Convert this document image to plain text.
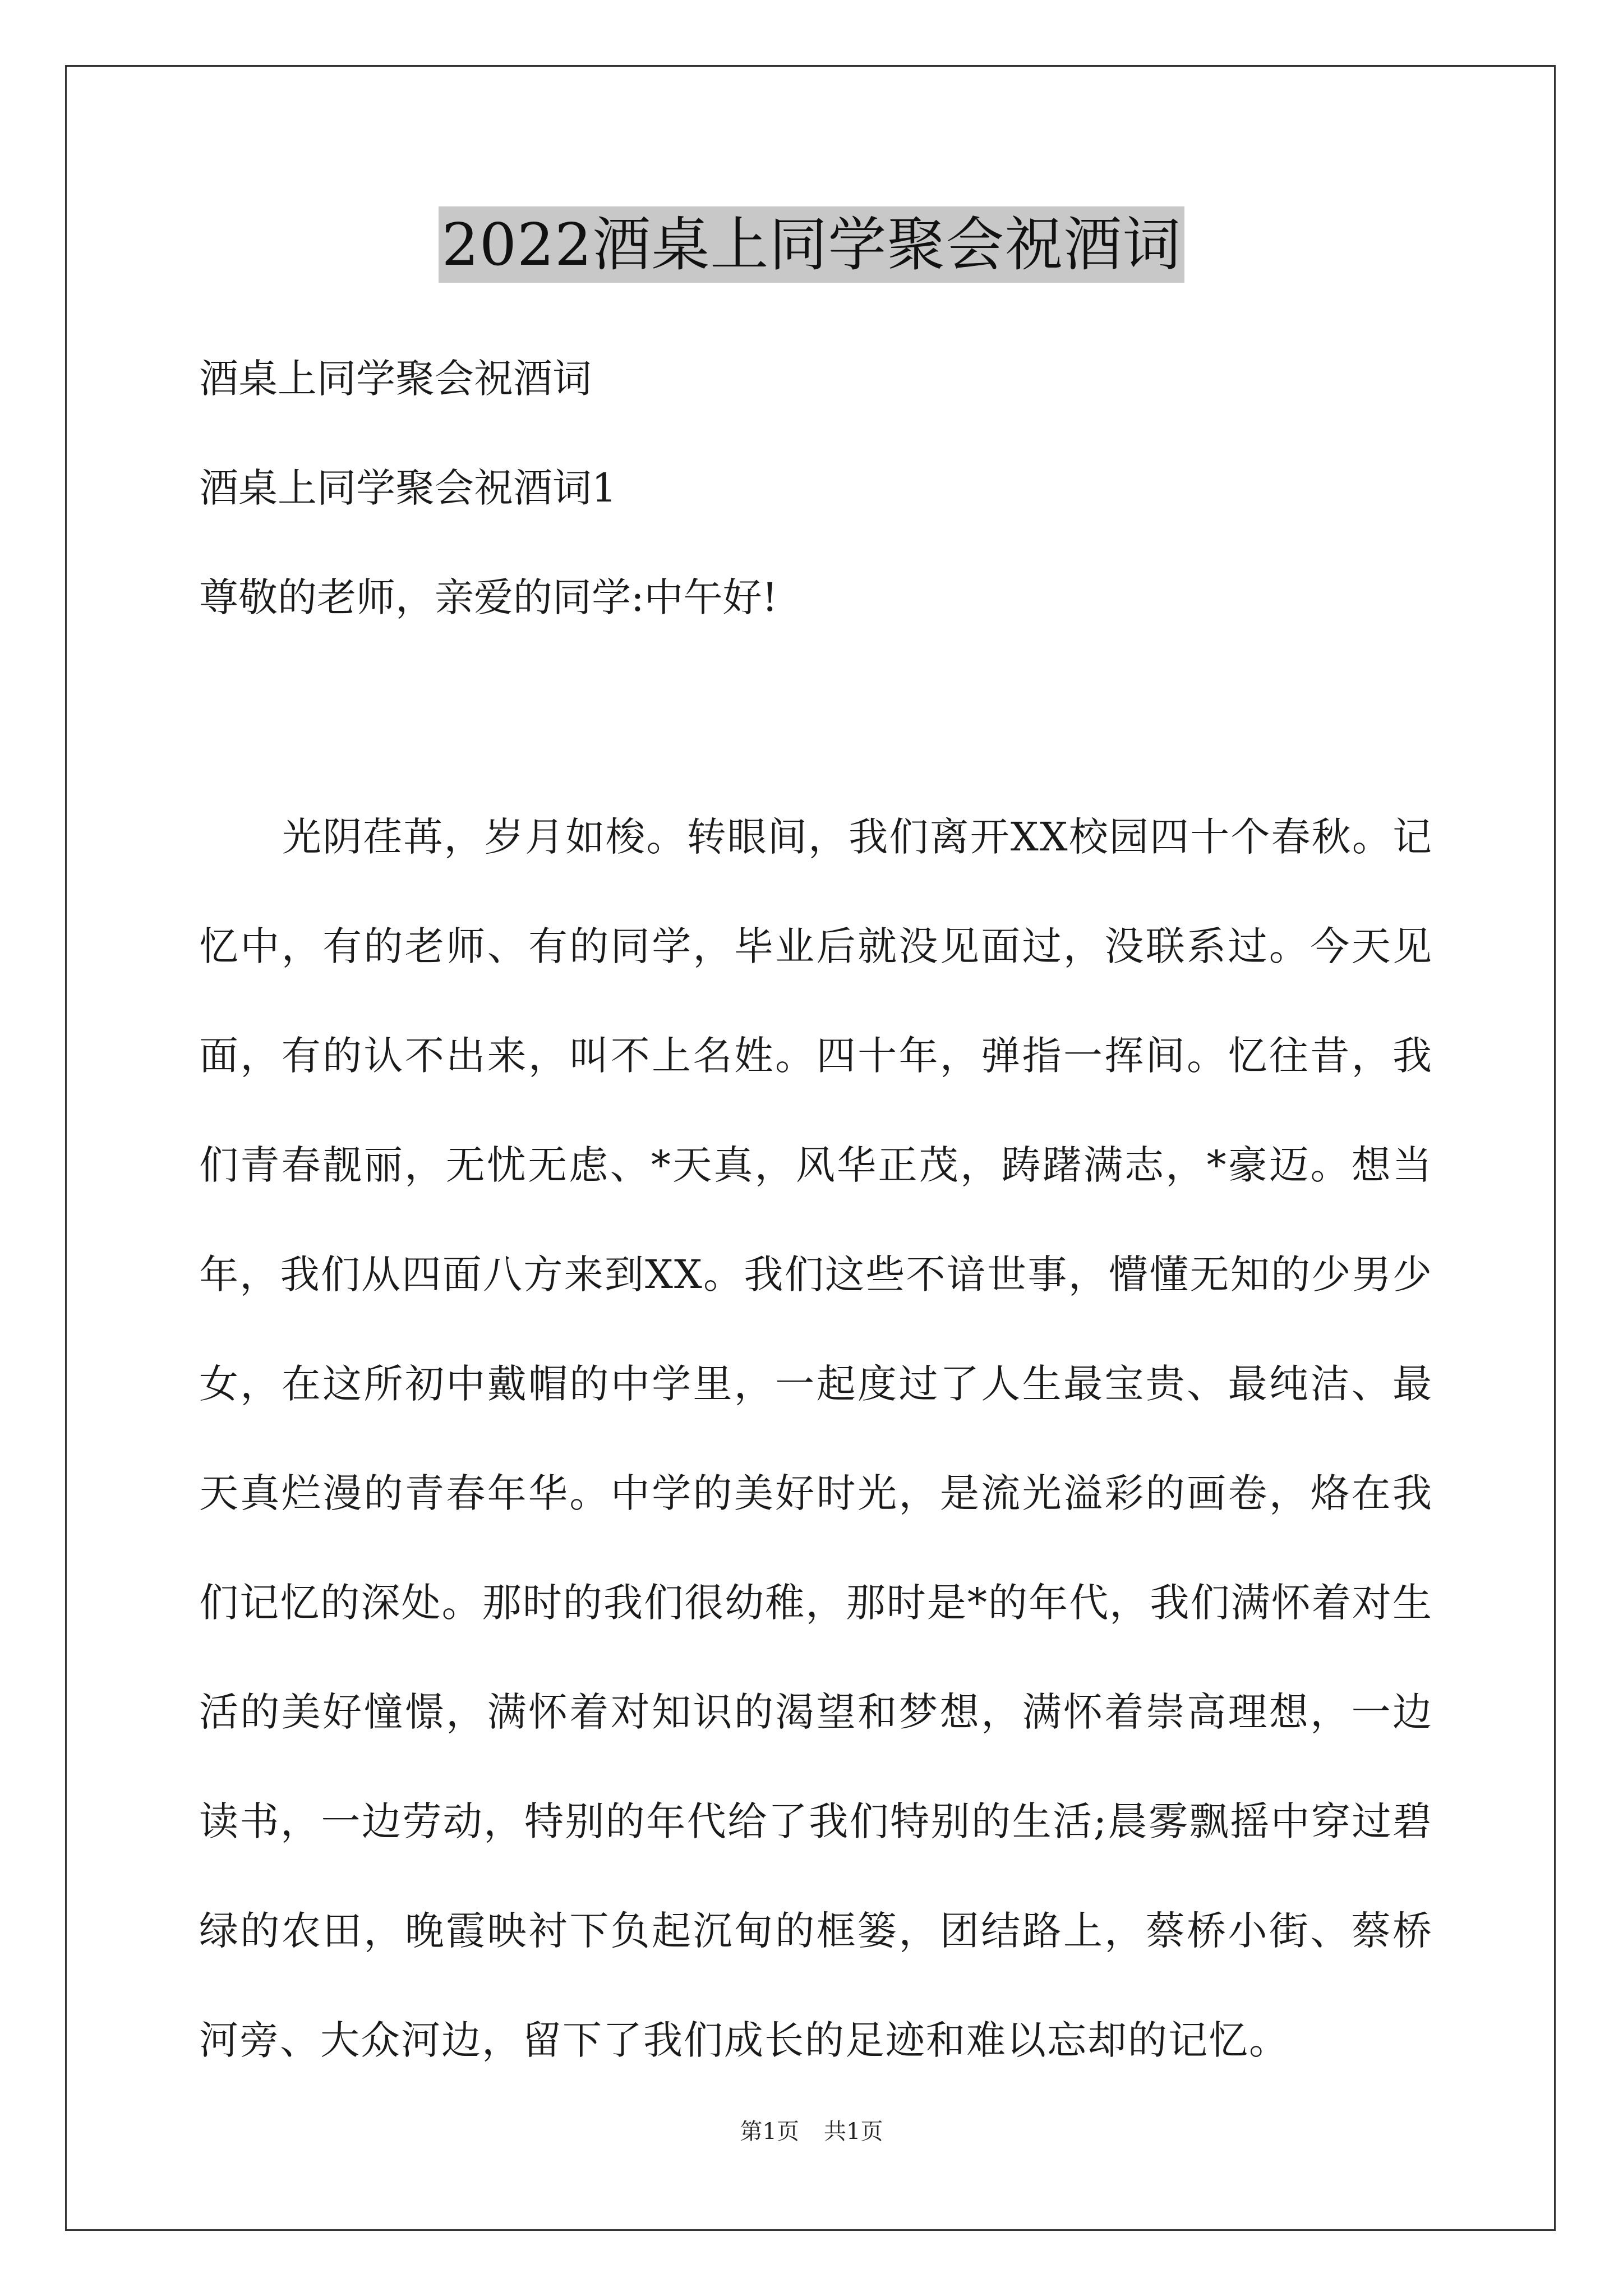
2022酒桌上同学聚会祝酒词
酒桌上同学聚会祝酒词
酒桌上同学聚会祝酒词1
尊敬的老师，亲爱的同学:中午好!

光阴荏苒，岁月如梭。转眼间，我们离开XX校园四十个春秋。记忆中，有的老师、有的同学，毕业后就没见面过，没联系过。今天见面，有的认不出来，叫不上名姓。四十年，弹指一挥间。忆往昔，我们青春靓丽，无忧无虑、*天真，风华正茂，踌躇满志，*豪迈。想当年，我们从四面八方来到XX。我们这些不谙世事，懵懂无知的少男少女，在这所初中戴帽的中学里，一起度过了人生最宝贵、最纯洁、最天真烂漫的青春年华。中学的美好时光，是流光溢彩的画卷，烙在我们记忆的深处。那时的我们很幼稚，那时是*的年代，我们满怀着对生活的美好憧憬，满怀着对知识的渴望和梦想，满怀着崇高理想，一边读书，一边劳动，特别的年代给了我们特别的生活;晨雾飘摇中穿过碧绿的农田，晚霞映衬下负起沉甸的框篓，团结路上，蔡桥小街、蔡桥河旁、大众河边，留下了我们成长的足迹和难以忘却的记忆。

第1页 共1页
